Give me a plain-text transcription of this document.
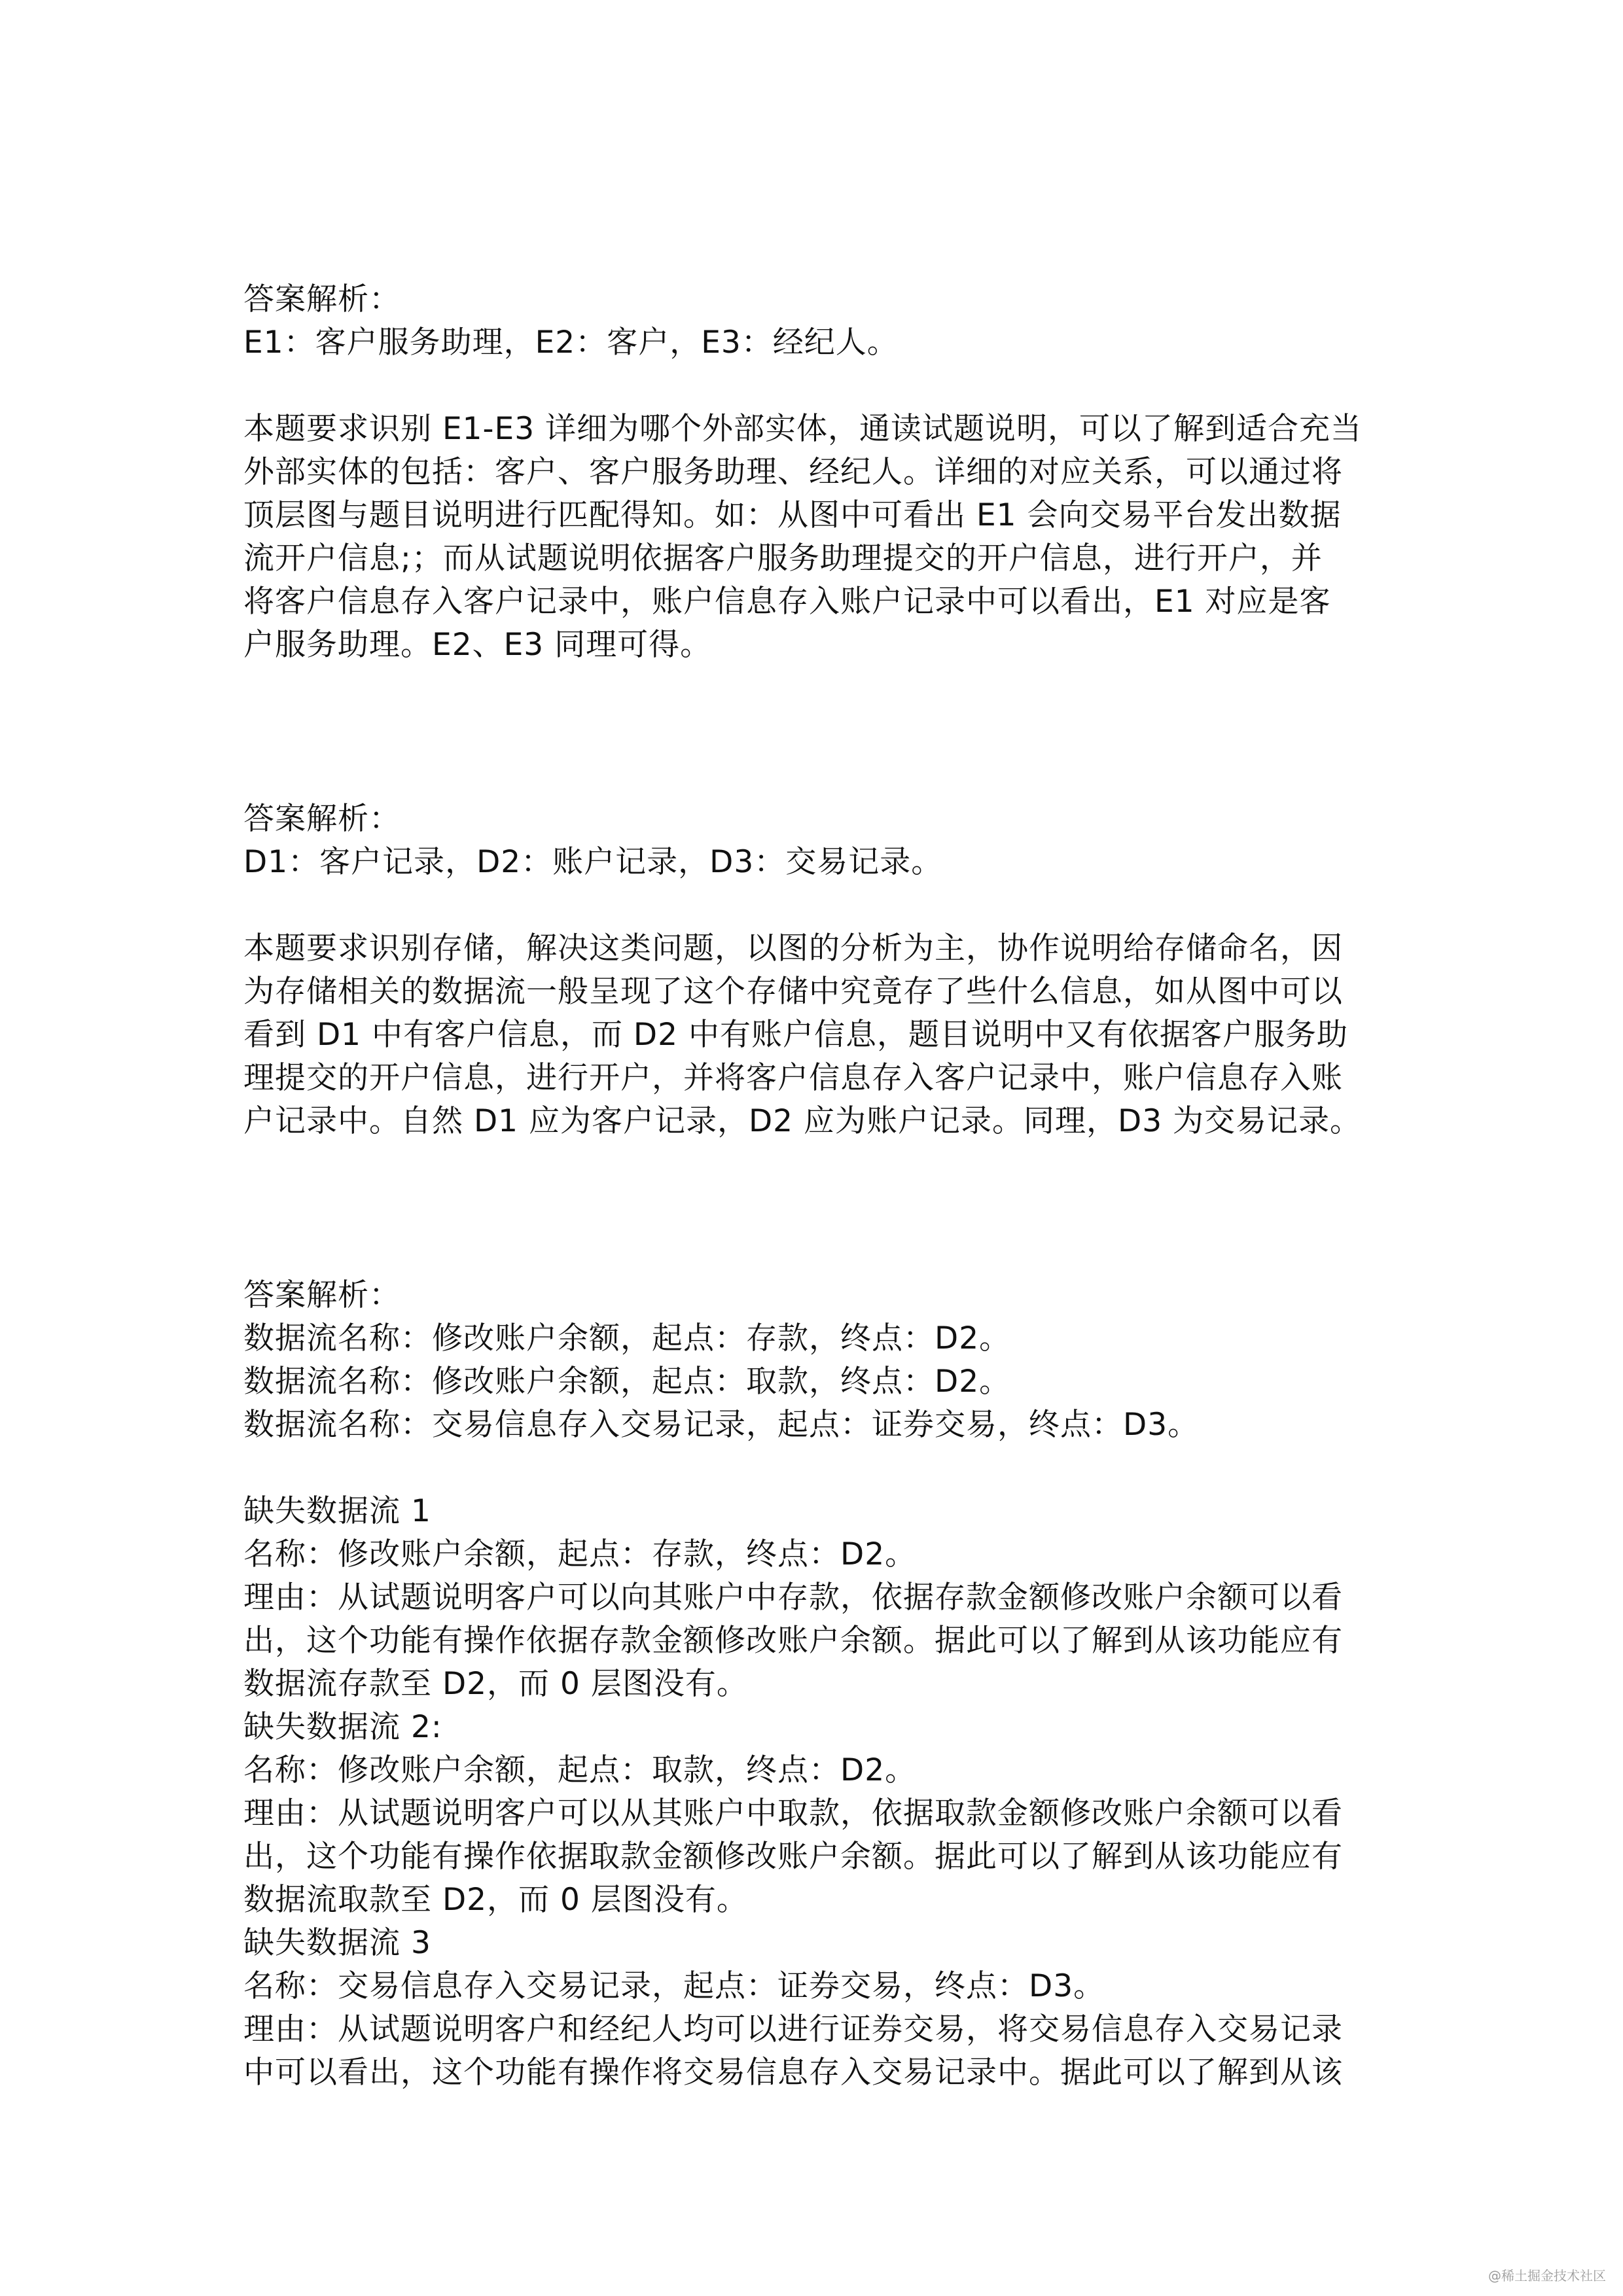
答案解析：
E1：客户服务助理，E2：客户，E3：经纪人。
本题要求识别 E1-E3 详细为哪个外部实体，通读试题说明，可以了解到适合充当
外部实体的包括：客户、客户服务助理、经纪人。详细的对应关系，可以通过将
顶层图与题目说明进行匹配得知。如：从图中可看出 E1 会向交易平台发出数据
流开户信息;；而从试题说明依据客户服务助理提交的开户信息，进行开户，并
将客户信息存入客户记录中，账户信息存入账户记录中可以看出，E1 对应是客
户服务助理。E2、E3 同理可得。
答案解析：
D1：客户记录，D2：账户记录，D3：交易记录。
本题要求识别存储，解决这类问题，以图的分析为主，协作说明给存储命名，因
为存储相关的数据流一般呈现了这个存储中究竟存了些什么信息，如从图中可以
看到 D1 中有客户信息，而 D2 中有账户信息，题目说明中又有依据客户服务助
理提交的开户信息，进行开户，并将客户信息存入客户记录中，账户信息存入账
户记录中。自然 D1 应为客户记录，D2 应为账户记录。同理，D3 为交易记录。
答案解析：
数据流名称：修改账户余额，起点：存款，终点：D2。
数据流名称：修改账户余额，起点：取款，终点：D2。
数据流名称：交易信息存入交易记录，起点：证券交易，终点：D3。
缺失数据流 1
名称：修改账户余额，起点：存款，终点：D2。
理由：从试题说明客户可以向其账户中存款，依据存款金额修改账户余额可以看
出，这个功能有操作依据存款金额修改账户余额。据此可以了解到从该功能应有
数据流存款至 D2，而 0 层图没有。
缺失数据流 2:
名称：修改账户余额，起点：取款，终点：D2。
理由：从试题说明客户可以从其账户中取款，依据取款金额修改账户余额可以看
出，这个功能有操作依据取款金额修改账户余额。据此可以了解到从该功能应有
数据流取款至 D2，而 0 层图没有。
缺失数据流 3
名称：交易信息存入交易记录，起点：证券交易，终点：D3。
理由：从试题说明客户和经纪人均可以进行证券交易，将交易信息存入交易记录
中可以看出，这个功能有操作将交易信息存入交易记录中。据此可以了解到从该
@稀土掘金技术社区
